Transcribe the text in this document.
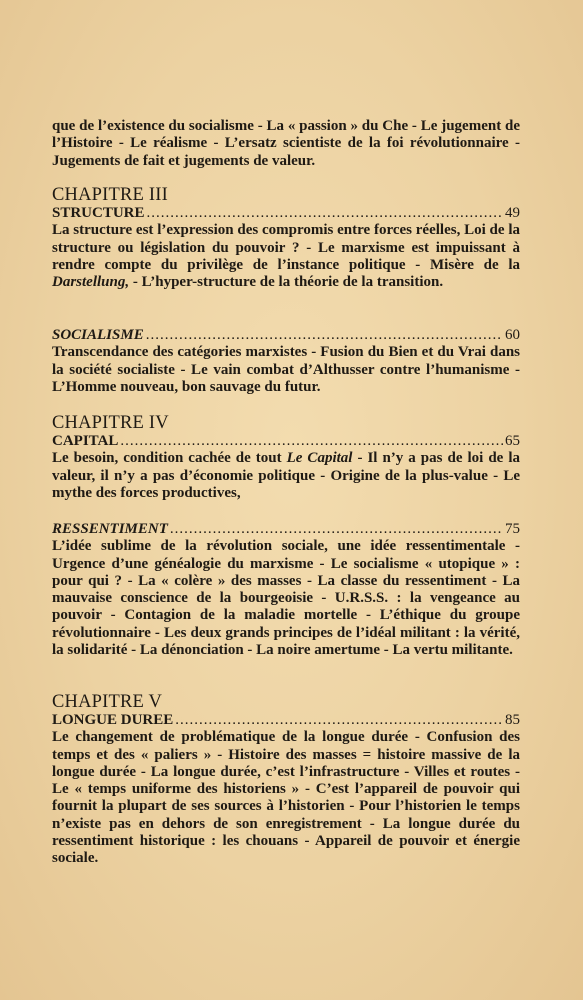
que de l’existence du socialisme - La « passion » du Che - Le jugement de l’Histoire - Le réalisme - L’ersatz scientiste de la foi révolutionnaire - Jugements de fait et jugements de valeur.

CHAPITRE III
STRUCTURE .....	49

La structure est l’expression des compromis entre forces réelles, Loi de la structure ou législation du pouvoir ? - Le marxisme est impuissant à rendre compte du privilège de l’instance politique - Misère de la Darstellung, - L’hyper-structure de la théorie de la transition.

SOCIALISME .....	60

Transcendance des catégories marxistes - Fusion du Bien et du Vrai dans la société socialiste - Le vain combat d’Althusser contre l’humanisme - L’Homme nouveau, bon sauvage du futur.

CHAPITRE IV
CAPITAL .....	65

Le besoin, condition cachée de tout Le Capital - Il n’y a pas de loi de la valeur, il n’y a pas d’économie politique - Origine de la plus-value - Le mythe des forces productives,

RESSENTIMENT .....	75

L’idée sublime de la révolution sociale, une idée ressentimentale - Urgence d’une généalogie du marxisme - Le socialisme « utopique » : pour qui ? - La « colère » des masses - La classe du ressentiment - La mauvaise conscience de la bourgeoisie - U.R.S.S. : la vengeance au pouvoir - Contagion de la maladie mortelle - L’éthique du groupe révolutionnaire - Les deux grands principes de l’idéal militant : la vérité, la solidarité - La dénonciation - La noire amertume - La vertu militante.

CHAPITRE V
LONGUE DUREE .....	85

Le changement de problématique de la longue durée - Confusion des temps et des « paliers » - Histoire des masses = histoire massive de la longue durée - La longue durée, c’est l’infrastructure - Villes et routes - Le « temps uniforme des historiens » - C’est l’appareil de pouvoir qui fournit la plupart de ses sources à l’historien - Pour l’historien le temps n’existe pas en dehors de son enregistrement - La longue durée du ressentiment historique : les chouans - Appareil de pouvoir et énergie sociale.
